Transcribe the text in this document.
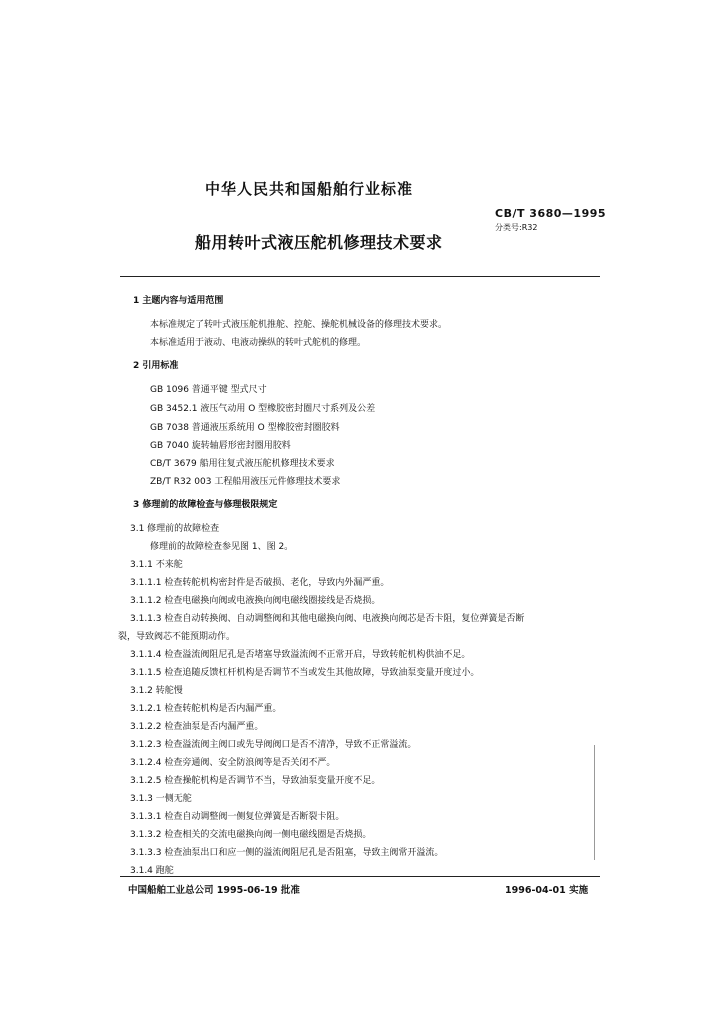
中华人民共和国船舶行业标准
CB/T 3680—1995
分类号:R32
船用转叶式液压舵机修理技术要求
1 主题内容与适用范围
本标准规定了转叶式液压舵机推舵、控舵、操舵机械设备的修理技术要求。
本标准适用于液动、电液动操纵的转叶式舵机的修理。
2 引用标准
GB 1096 普通平键 型式尺寸
GB 3452.1 液压气动用 O 型橡胶密封圈尺寸系列及公差
GB 7038 普通液压系统用 O 型橡胶密封圈胶料
GB 7040 旋转轴唇形密封圈用胶料
CB/T 3679 船用往复式液压舵机修理技术要求
ZB/T R32 003 工程船用液压元件修理技术要求
3 修理前的故障检查与修理极限规定
3.1 修理前的故障检查
修理前的故障检查参见图 1、图 2。
3.1.1 不来舵
3.1.1.1 检查转舵机构密封件是否破损、老化，导致内外漏严重。
3.1.1.2 检查电磁换向阀或电液换向阀电磁线圈接线是否烧损。
3.1.1.3 检查自动转换阀、自动调整阀和其他电磁换向阀、电液换向阀芯是否卡阻，复位弹簧是否断
裂，导致阀芯不能预期动作。
3.1.1.4 检查溢流阀阻尼孔是否堵塞导致溢流阀不正常开启，导致转舵机构供油不足。
3.1.1.5 检查追随反馈杠杆机构是否调节不当或发生其他故障，导致油泵变量开度过小。
3.1.2 转舵慢
3.1.2.1 检查转舵机构是否内漏严重。
3.1.2.2 检查油泵是否内漏严重。
3.1.2.3 检查溢流阀主阀口或先导阀阀口是否不清净，导致不正常溢流。
3.1.2.4 检查旁通阀、安全防浪阀等是否关闭不严。
3.1.2.5 检查操舵机构是否调节不当，导致油泵变量开度不足。
3.1.3 一侧无舵
3.1.3.1 检查自动调整阀一侧复位弹簧是否断裂卡阻。
3.1.3.2 检查相关的交流电磁换向阀一侧电磁线圈是否烧损。
3.1.3.3 检查油泵出口和应一侧的溢流阀阻尼孔是否阻塞，导致主阀常开溢流。
3.1.4 跑舵
中国船舶工业总公司 1995-06-19 批准	1996-04-01 实施
